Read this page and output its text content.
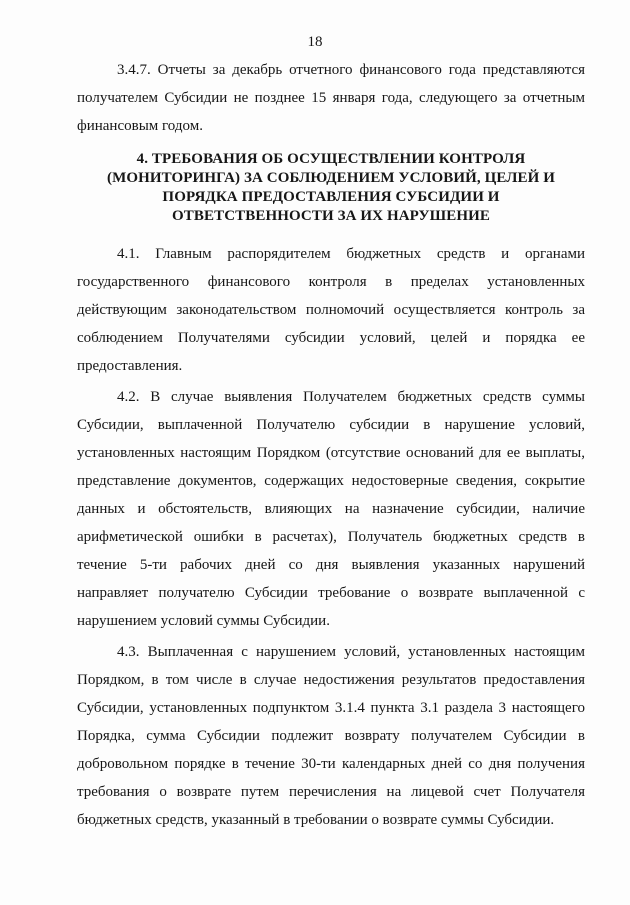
18

3.4.7. Отчеты за декабрь отчетного финансового года представляются получателем Субсидии не позднее 15 января года, следующего за отчетным финансовым годом.

4. ТРЕБОВАНИЯ ОБ ОСУЩЕСТВЛЕНИИ КОНТРОЛЯ
(МОНИТОРИНГА) ЗА СОБЛЮДЕНИЕМ УСЛОВИЙ, ЦЕЛЕЙ И
ПОРЯДКА ПРЕДОСТАВЛЕНИЯ СУБСИДИИ И
ОТВЕТСТВЕННОСТИ ЗА ИХ НАРУШЕНИЕ

4.1. Главным распорядителем бюджетных средств и органами государственного финансового контроля в пределах установленных действующим законодательством полномочий осуществляется контроль за соблюдением Получателями субсидии условий, целей и порядка ее предоставления.

4.2. В случае выявления Получателем бюджетных средств суммы Субсидии, выплаченной Получателю субсидии в нарушение условий, установленных настоящим Порядком (отсутствие оснований для ее выплаты, представление документов, содержащих недостоверные сведения, сокрытие данных и обстоятельств, влияющих на назначение субсидии, наличие арифметической ошибки в расчетах), Получатель бюджетных средств в течение 5-ти рабочих дней со дня выявления указанных нарушений направляет получателю Субсидии требование о возврате выплаченной с нарушением условий суммы Субсидии.

4.3. Выплаченная с нарушением условий, установленных настоящим Порядком, в том числе в случае недостижения результатов предоставления Субсидии, установленных подпунктом 3.1.4 пункта 3.1 раздела 3 настоящего Порядка, сумма Субсидии подлежит возврату получателем Субсидии в добровольном порядке в течение 30-ти календарных дней со дня получения требования о возврате путем перечисления на лицевой счет Получателя бюджетных средств, указанный в требовании о возврате суммы Субсидии.
